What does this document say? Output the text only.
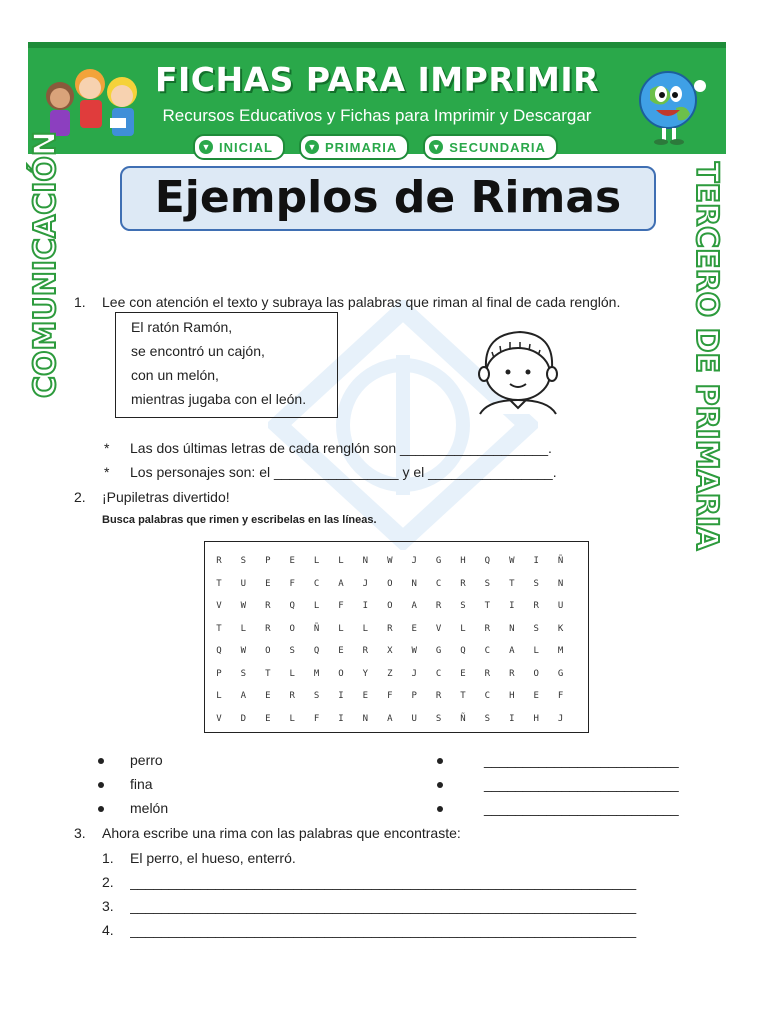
FICHAS PARA IMPRIMIR
Recursos Educativos y Fichas para Imprimir y Descargar
▼ INICIAL	▼ PRIMARIA	▼ SECUNDARIA
COMUNICACIÓN	TERCERO DE PRIMARIA
Ejemplos de Rimas
1. Lee con atención el texto y subraya las palabras que riman al final de cada renglón.
El ratón Ramón,
se encontró un cajón,
con un melón,
mientras jugaba con el león.
* Las dos últimas letras de cada renglón son ___________________.
* Los personajes son: el ________________ y el ________________.
2. ¡Pupiletras divertido!
Busca palabras que rimen y escribelas en las líneas.
R	S	P	E	L	L	N	W	J	G	H	Q	W	I	Ñ
T	U	E	F	C	A	J	O	N	C	R	S	T	S	N
V	W	R	Q	L	F	I	O	A	R	S	T	I	R	U
T	L	R	O	Ñ	L	L	R	E	V	L	R	N	S	K
Q	W	O	S	Q	E	R	X	W	G	Q	C	A	L	M
P	S	T	L	M	O	Y	Z	J	C	E	R	R	O	G
L	A	E	R	S	I	E	F	P	R	T	C	H	E	F
V	D	E	L	F	I	N	A	U	S	Ñ	S	I	H	J
perro
fina
melón
_________________________
_________________________
_________________________
3. Ahora escribe una rima con las palabras que encontraste:
1. El perro, el hueso, enterró.
2. _________________________________________________________________
3. _________________________________________________________________
4. _________________________________________________________________
